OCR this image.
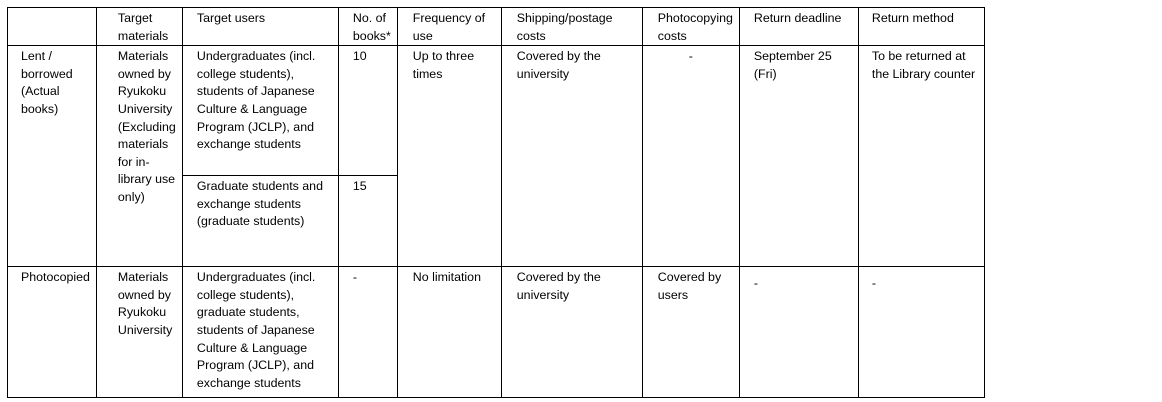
	Target materials	Target users	No. of books*	Frequency of use	Shipping/postage costs	Photocopying costs	Return deadline	Return method
Lent / borrowed (Actual books)	Materials owned by Ryukoku University (Excluding materials for in-library use only)	Undergraduates (incl. college students), students of Japanese Culture & Language Program (JCLP), and exchange students	10	Up to three times	Covered by the university	-	September 25 (Fri)	To be returned at the Library counter
		Graduate students and exchange students (graduate students)	15					
Photocopied	Materials owned by Ryukoku University	Undergraduates (incl. college students), graduate students, students of Japanese Culture & Language Program (JCLP), and exchange students	-	No limitation	Covered by the university	Covered by users	-	-
